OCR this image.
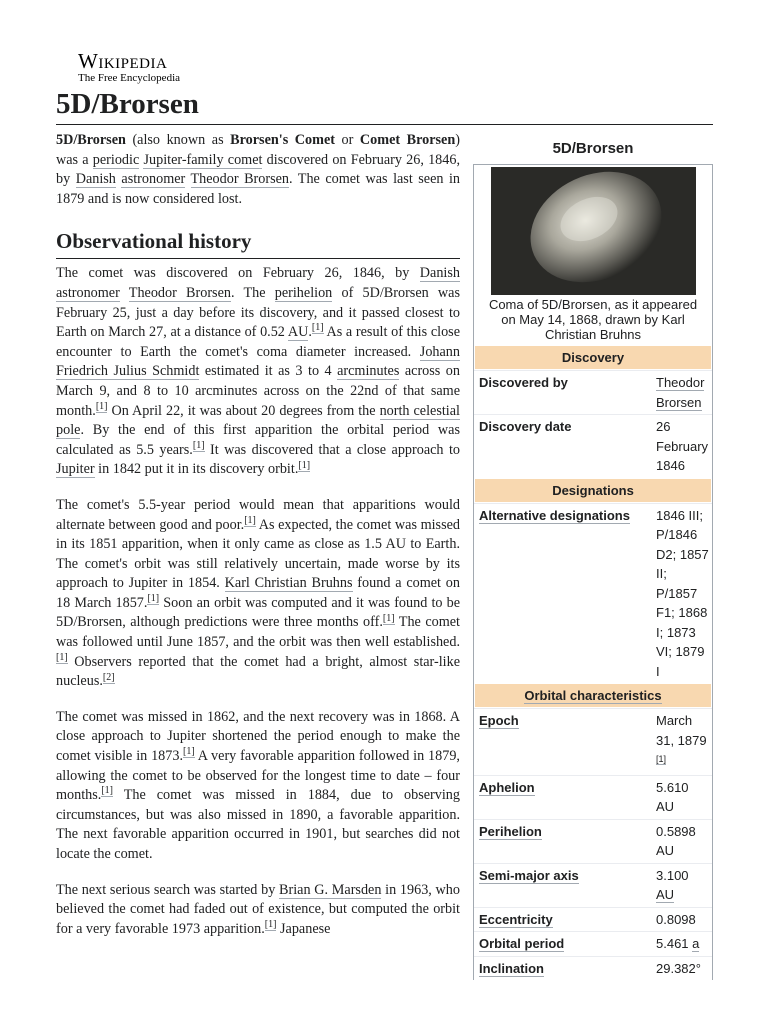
Wikipedia
The Free Encyclopedia
5D/Brorsen

5D/Brorsen (also known as Brorsen's Comet or Comet Brorsen) was a periodic Jupiter-family comet discovered on February 26, 1846, by Danish astronomer Theodor Brorsen. The comet was last seen in 1879 and is now considered lost.

Observational history

The comet was discovered on February 26, 1846, by Danish astronomer Theodor Brorsen. The perihelion of 5D/Brorsen was February 25, just a day before its discovery, and it passed closest to Earth on March 27, at a distance of 0.52 AU.[1] As a result of this close encounter to Earth the comet's coma diameter increased. Johann Friedrich Julius Schmidt estimated it as 3 to 4 arcminutes across on March 9, and 8 to 10 arcminutes across on the 22nd of that same month.[1] On April 22, it was about 20 degrees from the north celestial pole. By the end of this first apparition the orbital period was calculated as 5.5 years.[1] It was discovered that a close approach to Jupiter in 1842 put it in its discovery orbit.[1]

The comet's 5.5-year period would mean that apparitions would alternate between good and poor.[1] As expected, the comet was missed in its 1851 apparition, when it only came as close as 1.5 AU to Earth. The comet's orbit was still relatively uncertain, made worse by its approach to Jupiter in 1854. Karl Christian Bruhns found a comet on 18 March 1857.[1] Soon an orbit was computed and it was found to be 5D/Brorsen, although predictions were three months off.[1] The comet was followed until June 1857, and the orbit was then well established.[1] Observers reported that the comet had a bright, almost star-like nucleus.[2]

The comet was missed in 1862, and the next recovery was in 1868. A close approach to Jupiter shortened the period enough to make the comet visible in 1873.[1] A very favorable apparition followed in 1879, allowing the comet to be observed for the longest time to date – four months.[1] The comet was missed in 1884, due to observing circumstances, but was also missed in 1890, a favorable apparition. The next favorable apparition occurred in 1901, but searches did not locate the comet.

The next serious search was started by Brian G. Marsden in 1963, who believed the comet had faded out of existence, but computed the orbit for a very favorable 1973 apparition.[1] Japanese

5D/Brorsen
Coma of 5D/Brorsen, as it appeared on May 14, 1868, drawn by Karl Christian Bruhns
Discovery
Discovered by	Theodor Brorsen
Discovery date	26 February 1846
Designations
Alternative designations	1846 III; P/1846 D2; 1857 II; P/1857 F1; 1868 I; 1873 VI; 1879 I
Orbital characteristics
Epoch	March 31, 1879
[1]
Aphelion	5.610 AU
Perihelion	0.5898 AU
Semi-major axis	3.100 AU
Eccentricity	0.8098
Orbital period	5.461 a
Inclination	29.382°
